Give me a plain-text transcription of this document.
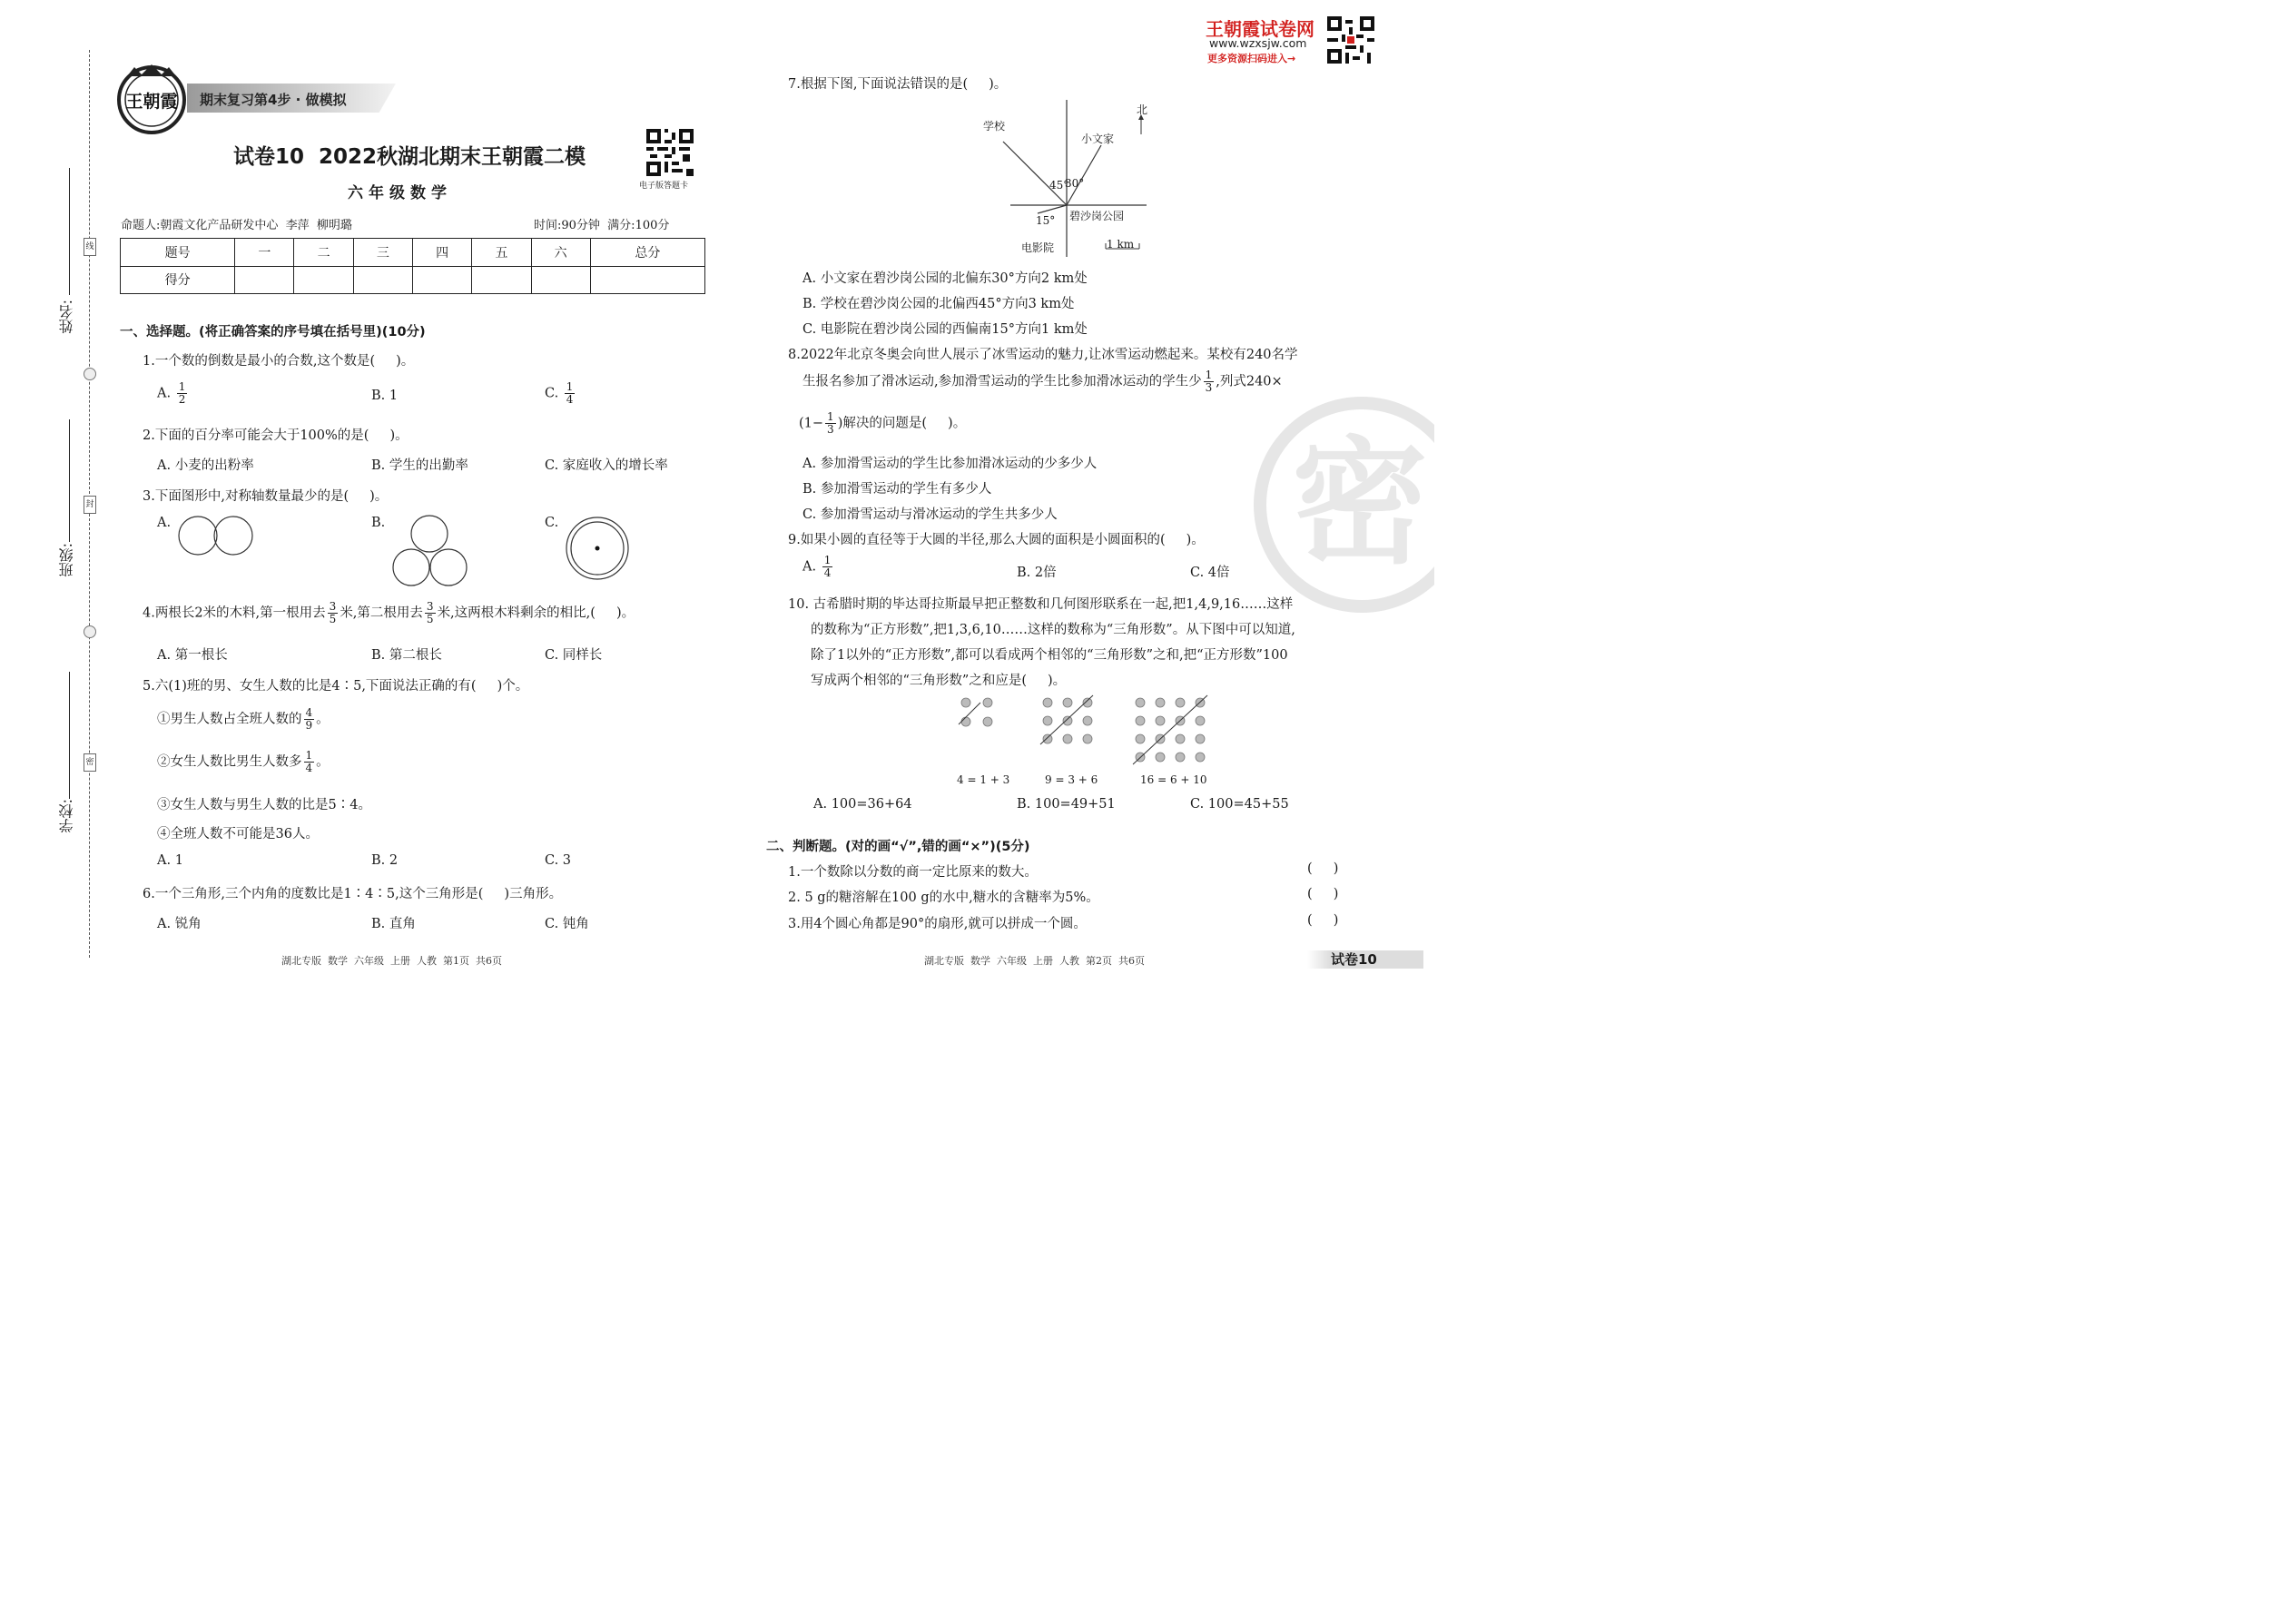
姓名:
班级:
学校:
线
封
密
王朝霞 期末复习第4步 · 做模拟
试卷10  2022秋湖北期末王朝霞二模
六年级数学	电子版答题卡
王朝霞试卷网
www.wzxsjw.com
更多资源扫码进入→
命题人:朝霞文化产品研发中心  李萍  柳明璐	时间:90分钟  满分:100分
题号	一	二	三	四	五	六	总分
得分							
一、选择题。(将正确答案的序号填在括号里)(10分)
1.一个数的倒数是最小的合数,这个数是(     )。
A. $\frac{1}{2}$	B. 1	C. $\frac{1}{4}$
2.下面的百分率可能会大于100%的是(     )。
A. 小麦的出粉率	B. 学生的出勤率	C. 家庭收入的增长率
3.下面图形中,对称轴数量最少的是(     )。
A.	B.	C.
4.两根长2米的木料,第一根用去 $\frac{3}{5}$ 米,第二根用去 $\frac{3}{5}$ 米,这两根木料剩余的相比,(     )。
A. 第一根长	B. 第二根长	C. 同样长
5.六(1)班的男、女生人数的比是4∶5,下面说法正确的有(     )个。
①男生人数占全班人数的 $\frac{4}{9}$ 。
②女生人数比男生人数多 $\frac{1}{4}$ 。
③女生人数与男生人数的比是5∶4。
④全班人数不可能是36人。
A. 1	B. 2	C. 3
6.一个三角形,三个内角的度数比是1∶4∶5,这个三角形是(     )三角形。
A. 锐角	B. 直角	C. 钝角
湖北专版  数学  六年级  上册  人教  第1页  共6页
密
7.根据下图,下面说法错误的是(     )。
学校
小文家
北
碧沙岗公园
电影院
45°
30°
15°
1 km
A. 小文家在碧沙岗公园的北偏东30°方向2 km处
B. 学校在碧沙岗公园的北偏西45°方向3 km处
C. 电影院在碧沙岗公园的西偏南15°方向1 km处
8.2022年北京冬奥会向世人展示了冰雪运动的魅力,让冰雪运动燃起来。某校有240名学
生报名参加了滑冰运动,参加滑雪运动的学生比参加滑冰运动的学生少 $\frac{1}{3}$ ,列式240×
($1- \frac{1}{3}$ )解决的问题是(     )。
A. 参加滑雪运动的学生比参加滑冰运动的少多少人
B. 参加滑雪运动的学生有多少人
C. 参加滑雪运动与滑冰运动的学生共多少人
9.如果小圆的直径等于大圆的半径,那么大圆的面积是小圆面积的(     )。
A. $\frac{1}{4}$	B. 2倍	C. 4倍
10. 古希腊时期的毕达哥拉斯最早把正整数和几何图形联系在一起,把1,4,9,16……这样
的数称为“正方形数”,把1,3,6,10……这样的数称为“三角形数”。从下图中可以知道,
除了1以外的“正方形数”,都可以看成两个相邻的“三角形数”之和,把“正方形数”100
写成两个相邻的“三角形数”之和应是(     )。
4 = 1 + 3	9 = 3 + 6	16 = 6 + 10
A. 100=36+64	B. 100=49+51	C. 100=45+55
二、判断题。(对的画“√”,错的画“×”)(5分)
1.一个数除以分数的商一定比原来的数大。	(     )
2. 5 g的糖溶解在100 g的水中,糖水的含糖率为5%。	(     )
3.用4个圆心角都是90°的扇形,就可以拼成一个圆。	(     )
湖北专版  数学  六年级  上册  人教  第2页  共6页	试卷10
